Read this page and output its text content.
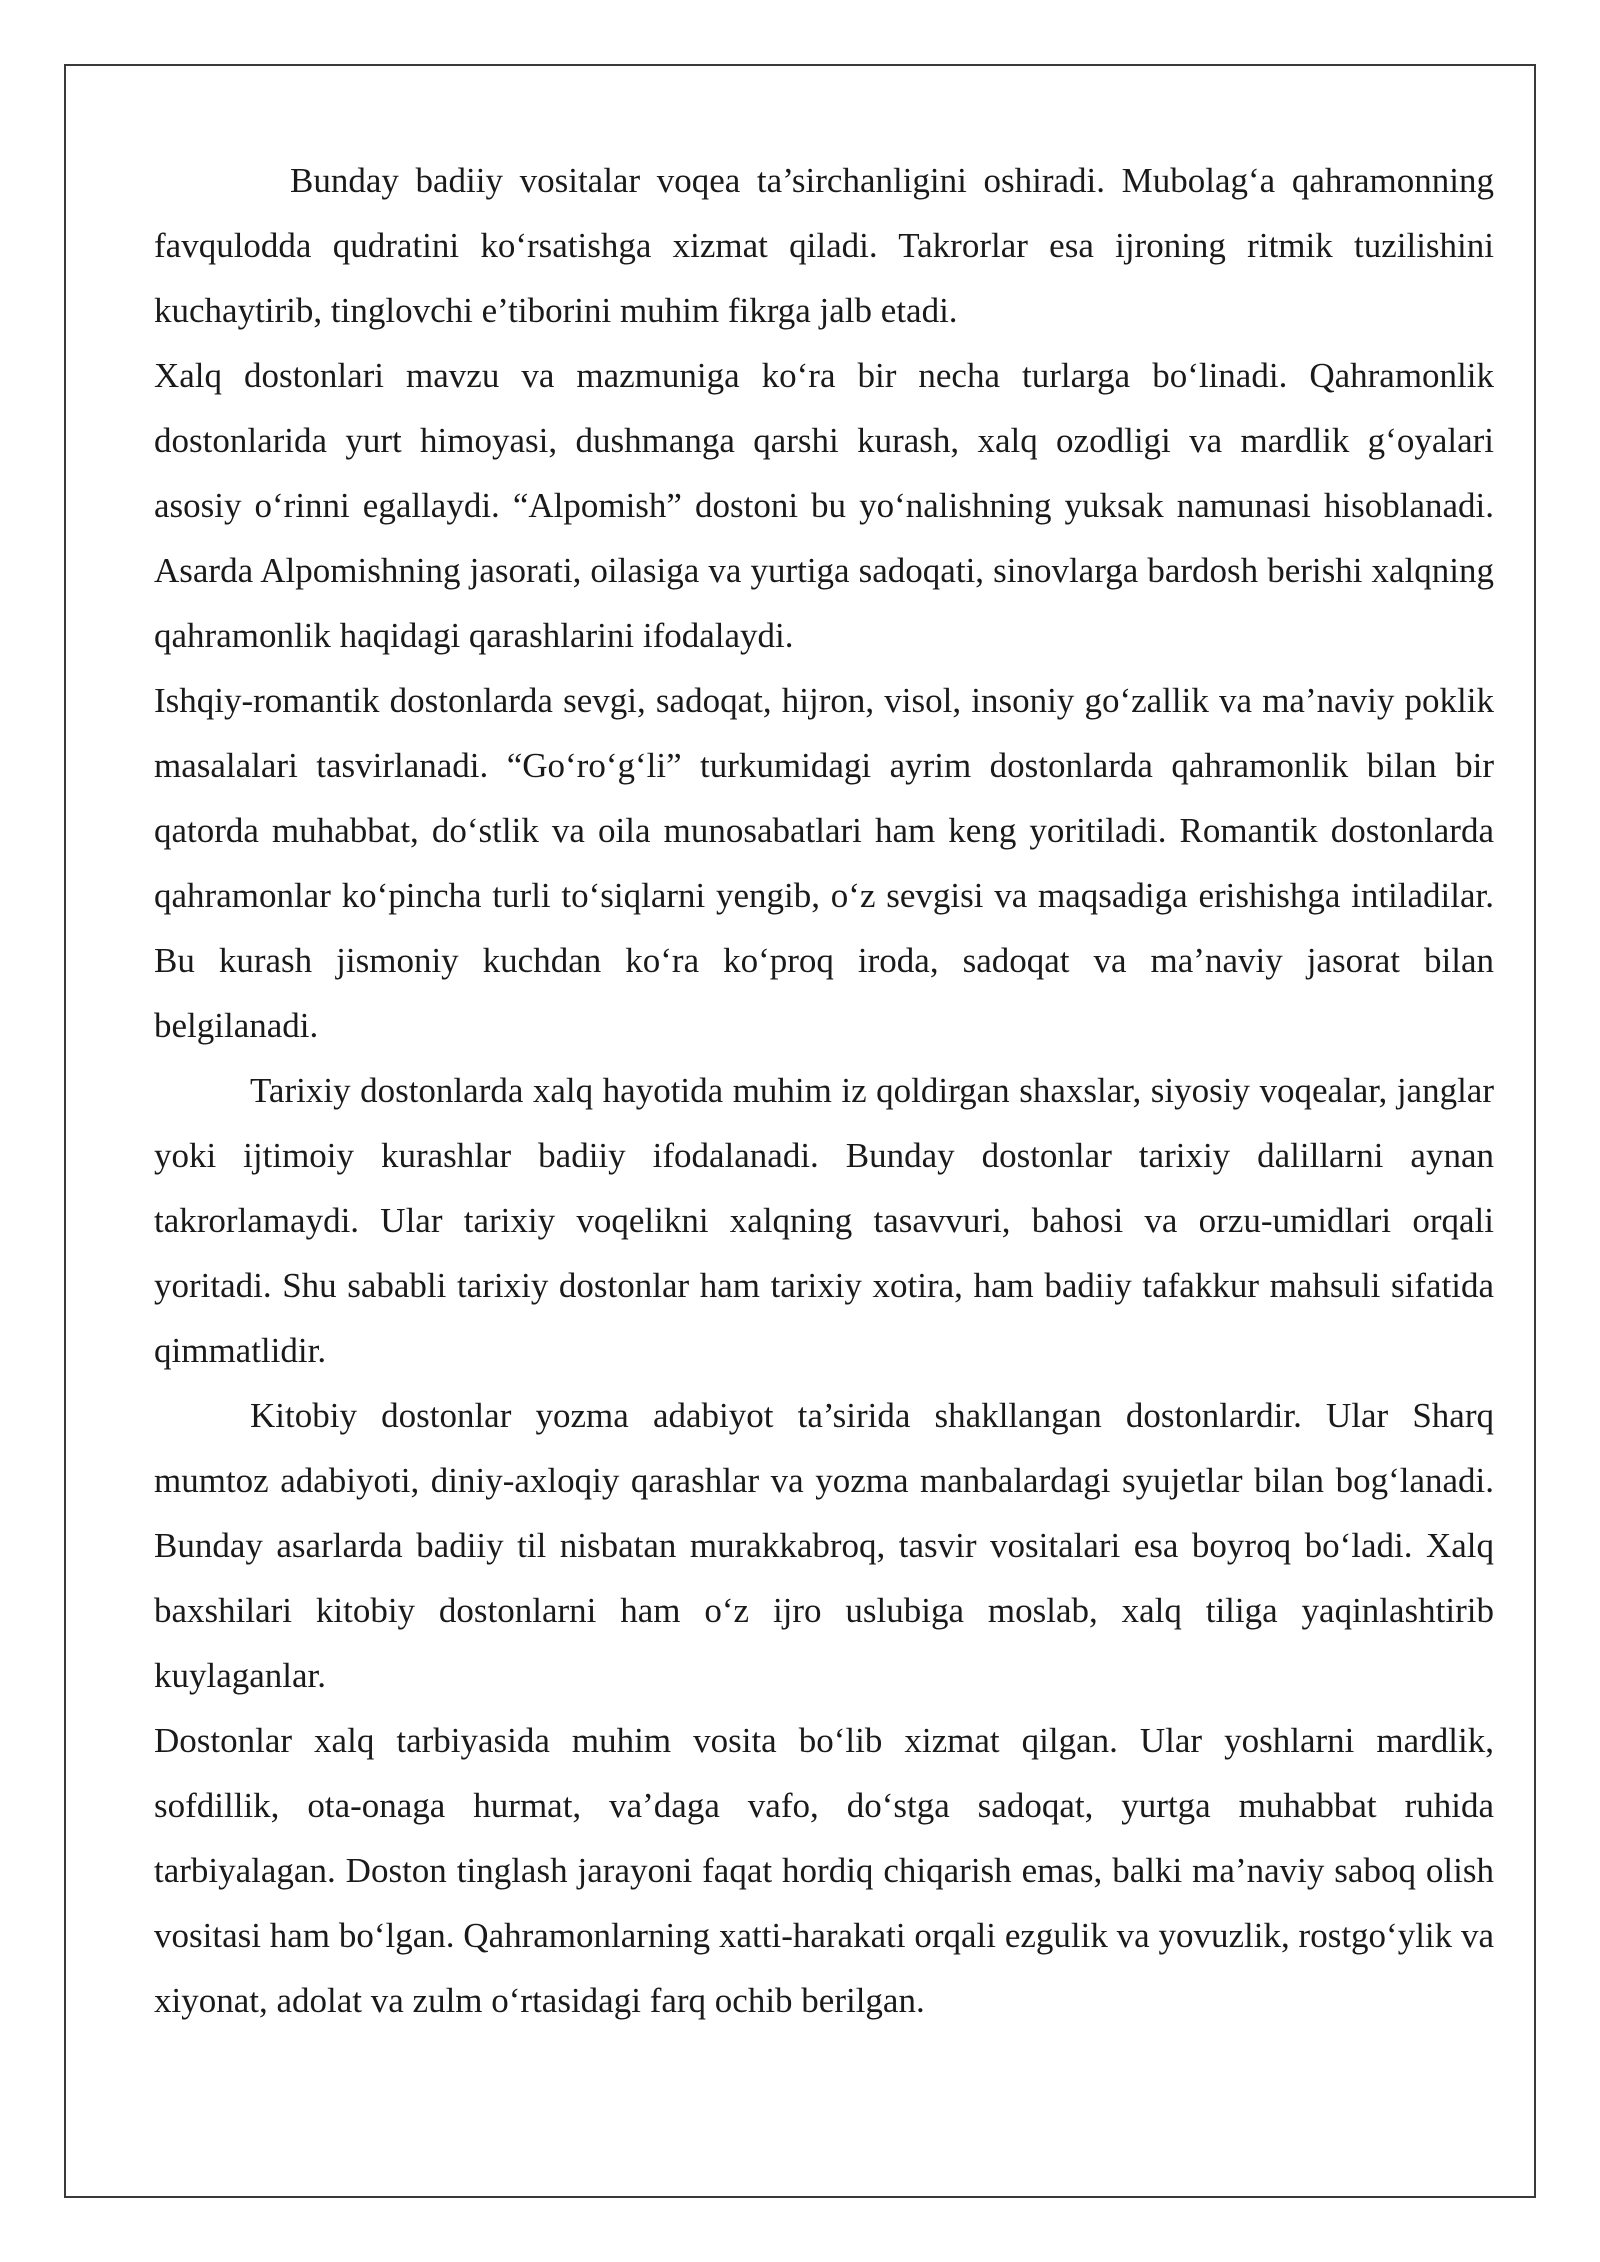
Bunday badiiy vositalar voqea ta’sirchanligini oshiradi. Mubolag‘a qahramonning favqulodda qudratini ko‘rsatishga xizmat qiladi. Takrorlar esa ijroning ritmik tuzilishini kuchaytirib, tinglovchi e’tiborini muhim fikrga jalb etadi.

Xalq dostonlari mavzu va mazmuniga ko‘ra bir necha turlarga bo‘linadi. Qahramonlik dostonlarida yurt himoyasi, dushmanga qarshi kurash, xalq ozodligi va mardlik g‘oyalari asosiy o‘rinni egallaydi. “Alpomish” dostoni bu yo‘nalishning yuksak namunasi hisoblanadi. Asarda Alpomishning jasorati, oilasiga va yurtiga sadoqati, sinovlarga bardosh berishi xalqning qahramonlik haqidagi qarashlarini ifodalaydi.

Ishqiy-romantik dostonlarda sevgi, sadoqat, hijron, visol, insoniy go‘zallik va ma’naviy poklik masalalari tasvirlanadi. “Go‘ro‘g‘li” turkumidagi ayrim dostonlarda qahramonlik bilan bir qatorda muhabbat, do‘stlik va oila munosabatlari ham keng yoritiladi. Romantik dostonlarda qahramonlar ko‘pincha turli to‘siqlarni yengib, o‘z sevgisi va maqsadiga erishishga intiladilar. Bu kurash jismoniy kuchdan ko‘ra ko‘proq iroda, sadoqat va ma’naviy jasorat bilan belgilanadi.

Tarixiy dostonlarda xalq hayotida muhim iz qoldirgan shaxslar, siyosiy voqealar, janglar yoki ijtimoiy kurashlar badiiy ifodalanadi. Bunday dostonlar tarixiy dalillarni aynan takrorlamaydi. Ular tarixiy voqelikni xalqning tasavvuri, bahosi va orzu-umidlari orqali yoritadi. Shu sababli tarixiy dostonlar ham tarixiy xotira, ham badiiy tafakkur mahsuli sifatida qimmatlidir.

Kitobiy dostonlar yozma adabiyot ta’sirida shakllangan dostonlardir. Ular Sharq mumtoz adabiyoti, diniy-axloqiy qarashlar va yozma manbalardagi syujetlar bilan bog‘lanadi. Bunday asarlarda badiiy til nisbatan murakkabroq, tasvir vositalari esa boyroq bo‘ladi. Xalq baxshilari kitobiy dostonlarni ham o‘z ijro uslubiga moslab, xalq tiliga yaqinlashtirib kuylaganlar.

Dostonlar xalq tarbiyasida muhim vosita bo‘lib xizmat qilgan. Ular yoshlarni mardlik, sofdillik, ota-onaga hurmat, va’daga vafo, do‘stga sadoqat, yurtga muhabbat ruhida tarbiyalagan. Doston tinglash jarayoni faqat hordiq chiqarish emas, balki ma’naviy saboq olish vositasi ham bo‘lgan. Qahramonlarning xatti-harakati orqali ezgulik va yovuzlik, rostgo‘ylik va xiyonat, adolat va zulm o‘rtasidagi farq ochib berilgan.
